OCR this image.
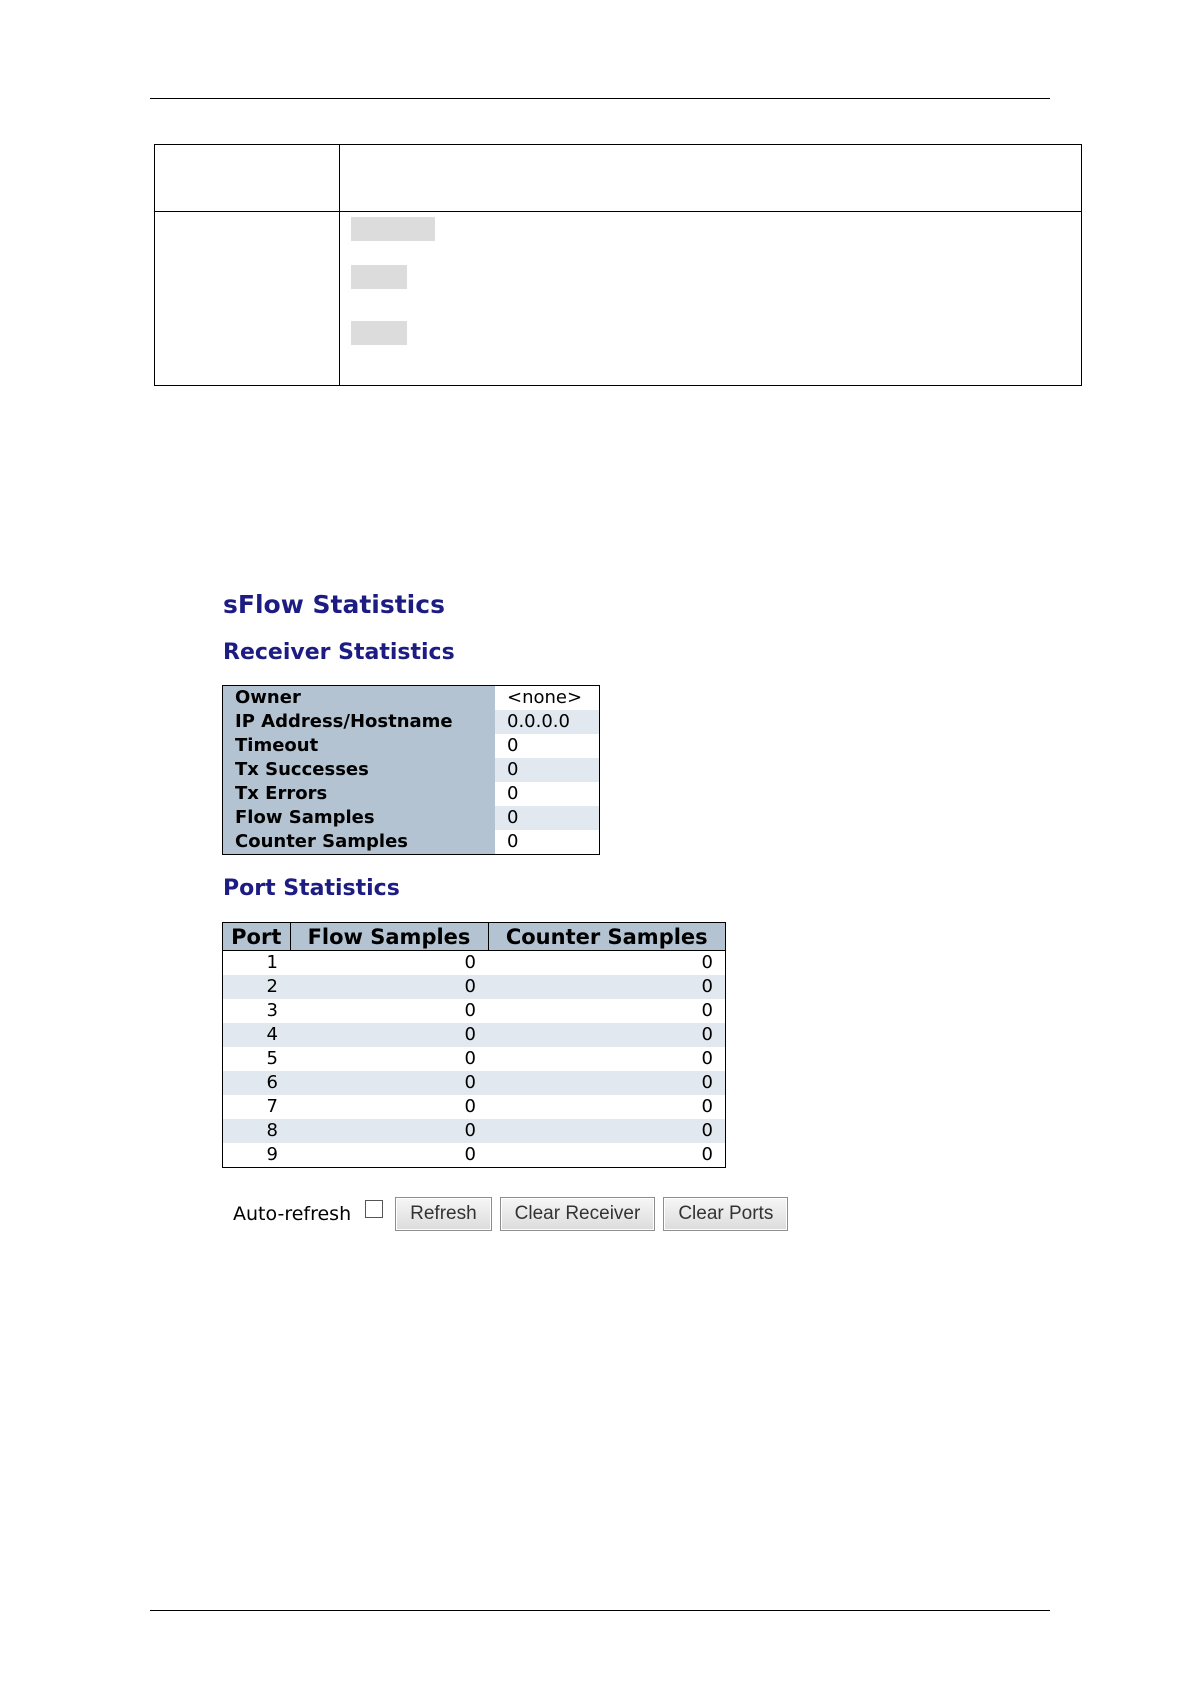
sFlow Statistics
Receiver Statistics
Owner	<none>
IP Address/Hostname	0.0.0.0
Timeout	0
Tx Successes	0
Tx Errors	0
Flow Samples	0
Counter Samples	0
Port Statistics
Port	Flow Samples	Counter Samples
1	0	0
2	0	0
3	0	0
4	0	0
5	0	0
6	0	0
7	0	0
8	0	0
9	0	0
Auto-refresh	Refresh	Clear Receiver	Clear Ports
